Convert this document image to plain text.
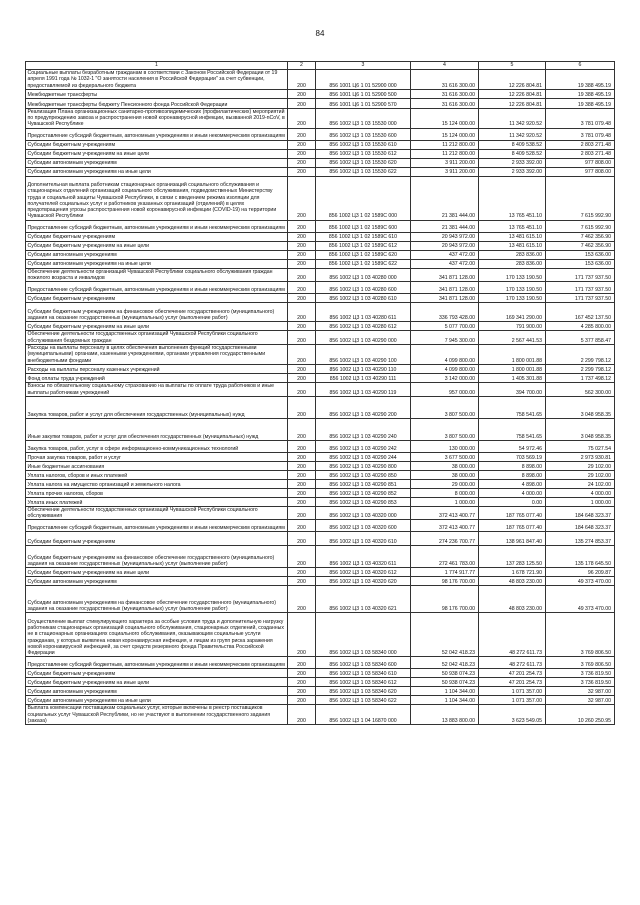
84
1	2	3	4	5	6
Социальные выплаты безработным гражданам в соответствии с Законом Российской Федерации от 19 апреля 1991 года № 1032-1 "О занятости населения в Российской Федерации" за счет субвенции, предоставляемой из федерального бюджета	200	856 1001 Ц6 1 01 52900 000	31 616 300.00	12 226 804.81	19 388 495.19
Межбюджетные трансферты	200	856 1001 Ц6 1 01 52900 500	31 616 300.00	12 226 804.81	19 388 495.19
Межбюджетные трансферты бюджету Пенсионного фонда Российской Федерации	200	856 1001 Ц6 1 01 52900 570	31 616 300.00	12 226 804.81	19 388 495.19
Реализация Плана организационных санитарно-противоэпидемических (профилактических) мероприятий по предупреждению завоза и распространения новой коронавирусной инфекции, вызванной 2019-nCoV, в Чувашской Республике	200	856 1002 Ц3 1 03 15530 000	15 124 000.00	11 342 920.52	3 781 079.48
Предоставление субсидий бюджетным, автономным учреждениям и иным некоммерческим организациям	200	856 1002 Ц3 1 03 15530 600	15 124 000.00	11 342 920.52	3 781 079.48
Субсидии бюджетным учреждениям	200	856 1002 Ц3 1 03 15530 610	11 212 800.00	8 409 538.52	2 803 271.48
Субсидии бюджетным учреждениям на иные цели	200	856 1002 Ц3 1 03 15530 612	11 212 800.00	8 409 528.52	2 803 271.48
Субсидии автономным учреждениям	200	856 1002 Ц3 1 03 15530 620	3 911 200.00	2 933 392.00	977 808.00
Субсидии автономным учреждениям на иные цели	200	856 1002 Ц3 1 03 15530 622	3 911 200.00	2 933 392.00	977 808.00
Дополнительная выплата работникам стационарных организаций социального обслуживания и стационарных отделений организаций социального обслуживания, подведомственных Министерству труда и социальной защиты Чувашской Республики, в связи с введением режима изоляции для получателей социальных услуг и работников указанных организаций (отделений) в целях предотвращения угрозы распространения новой коронавирусной инфекции (COVID-19) на территории Чувашской Республики	200	856 1002 Ц3 1 02 1589C 000	21 381 444.00	13 765 451.10	7 615 992.90
Предоставление субсидий бюджетным, автономным учреждениям и иным некоммерческим организациям	200	856 1002 Ц3 1 02 1589C 600	21 381 444.00	13 765 451.10	7 615 992.90
Субсидии бюджетным учреждениям	200	856 1002 Ц3 1 02 1589C 610	20 943 972.00	13 481 615.10	7 462 356.90
Субсидии бюджетным учреждениям на иные цели	200	856 1002 Ц3 1 02 1589C 612	20 943 972.00	13 481 615.10	7 462 356.90
Субсидии автономным учреждениям	200	856 1002 Ц3 1 02 1589C 620	437 472.00	283 836.00	153 636.00
Субсидии автономным учреждениям на иные цели	200	856 1002 Ц3 1 02 1589C 622	437 472.00	283 836.00	153 636.00
Обеспечение деятельности организаций Чувашской Республики социального обслуживания граждан пожилого возраста и инвалидов	200	856 1002 Ц3 1 03 40280 000	341 871 128.00	170 133 190.50	171 737 937.50
Предоставление субсидий бюджетным, автономным учреждениям и иным некоммерческим организациям	200	856 1002 Ц3 1 03 40280 600	341 871 128.00	170 133 190.50	171 737 937.50
Субсидии бюджетным учреждениям	200	856 1002 Ц3 1 03 40280 610	341 871 128.00	170 133 190.50	171 737 937.50
Субсидии бюджетным учреждениям на финансовое обеспечение государственного (муниципального) задания на оказание государственных (муниципальных) услуг (выполнение работ)	200	856 1002 Ц3 1 03 40280 611	336 793 428.00	169 341 290.00	167 452 137.50
Субсидии бюджетным учреждениям на иные цели	200	856 1002 Ц3 1 03 40280 612	5 077 700.00	791 900.00	4 285 800.00
Обеспечение деятельности государственных организаций Чувашской Республики социального обслуживания бездомных граждан	200	856 1002 Ц3 1 03 40290 000	7 945 300.00	2 567 441.53	5 377 858.47
Расходы на выплаты персоналу в целях обеспечения выполнения функций государственными (муниципальными) органами, казенными учреждениями, органами управления государственными внебюджетными фондами	200	856 1002 Ц3 1 03 40290 100	4 099 800.00	1 800 001.88	2 299 798.12
Расходы на выплаты персоналу казенных учреждений	200	856 1002 Ц3 1 03 40290 110	4 099 800.00	1 800 001.88	2 299 798.12
Фонд оплаты труда учреждений	200	856 1002 Ц3 1 03 40290 111	3 142 000.00	1 405 301.88	1 737 498.12
Взносы по обязательному социальному страхованию на выплаты по оплате труда работников и иные выплаты работникам учреждений	200	856 1002 Ц3 1 03 40290 119	957 000.00	394 700.00	562 300.00
Закупка товаров, работ и услуг для обеспечения государственных (муниципальных) нужд	200	856 1002 Ц3 1 03 40290 200	3 807 500.00	758 541.65	3 048 958.35
Иные закупки товаров, работ и услуг для обеспечения государственных (муниципальных) нужд	200	856 1002 Ц3 1 03 40290 240	3 807 500.00	758 541.65	3 048 958.35
Закупка товаров, работ, услуг в сфере информационно-коммуникационных технологий	200	856 1002 Ц3 1 03 40290 242	130 000.00	54 972.46	75 027.54
Прочая закупка товаров, работ и услуг	200	856 1002 Ц3 1 03 40290 244	3 677 500.00	703 569.19	2 973 930.81
Иные бюджетные ассигнования	200	856 1002 Ц3 1 03 40290 800	38 000.00	8 898.00	29 102.00
Уплата налогов, сборов и иных платежей	200	856 1002 Ц3 1 03 40290 850	38 000.00	8 898.00	29 102.00
Уплата налога на имущество организаций и земельного налога	200	856 1002 Ц3 1 03 40290 851	29 000.00	4 898.00	24 102.00
Уплата прочих налогов, сборов	200	856 1002 Ц3 1 03 40290 852	8 000.00	4 000.00	4 000.00
Уплата иных платежей	200	856 1002 Ц3 1 03 40290 853	1 000.00	0.00	1 000.00
Обеспечение деятельности государственных организаций Чувашской Республики социального обслуживания	200	856 1002 Ц3 1 03 40320 000	372 413 400.77	187 765 077.40	184 648 323.37
Предоставление субсидий бюджетным, автономным учреждениям и иным некоммерческим организациям	200	856 1002 Ц3 1 03 40320 600	372 413 400.77	187 765 077.40	184 648 323.37
Субсидии бюджетным учреждениям	200	856 1002 Ц3 1 03 40320 610	274 236 700.77	138 961 847.40	135 274 853.37
Субсидии бюджетным учреждениям на финансовое обеспечение государственного (муниципального) задания на оказание государственных (муниципальных) услуг (выполнение работ)	200	856 1002 Ц3 1 03 40320 611	272 461 783.00	137 283 125.50	135 178 645.50
Субсидии бюджетным учреждениям на иные цели	200	856 1002 Ц3 1 03 40320 612	1 774 917.77	1 678 721.90	96 209.87
Субсидии автономным учреждениям	200	856 1002 Ц3 1 03 40320 620	98 176 700.00	48 803 230.00	49 373 470.00
Субсидии автономным учреждениям на финансовое обеспечение государственного (муниципального) задания на оказание государственных (муниципальных) услуг (выполнение работ)	200	856 1002 Ц3 1 03 40320 621	98 176 700.00	48 803 230.00	49 373 470.00
Осуществление выплат стимулирующего характера за особые условия труда и дополнительную нагрузку работникам стационарных организаций социального обслуживания, стационарных отделений, созданных не в стационарных организациях социального обслуживания, оказывающим социальные услуги гражданам, у которых выявлена новая коронавирусная инфекция, и лицам из групп риска заражения новой коронавирусной инфекцией, за счет средств резервного фонда Правительства Российской Федерации	200	856 1002 Ц3 1 03 58340 000	52 042 418.23	48 272 611.73	3 769 806.50
Предоставление субсидий бюджетным, автономным учреждениям и иным некоммерческим организациям	200	856 1002 Ц3 1 03 58340 600	52 042 418.23	48 272 611.73	3 769 806.50
Субсидии бюджетным учреждениям	200	856 1002 Ц3 1 03 58340 610	50 938 074.23	47 201 254.73	3 736 819.50
Субсидии бюджетным учреждениям на иные цели	200	856 1002 Ц3 1 03 58340 612	50 938 074.23	47 201 254.73	3 736 819.50
Субсидии автономным учреждениям	200	856 1002 Ц3 1 03 58340 620	1 104 344.00	1 071 357.00	32 987.00
Субсидии автономным учреждениям на иные цели	200	856 1002 Ц3 1 03 58340 622	1 104 344.00	1 071 357.00	32 987.00
Выплата компенсации поставщикам социальных услуг, которые включены в реестр поставщиков социальных услуг Чувашской Республики, но не участвуют в выполнении государственного задания (заказа)	200	856 1002 Ц3 1 04 16870 000	13 883 800.00	3 623 549.05	10 260 250.95
